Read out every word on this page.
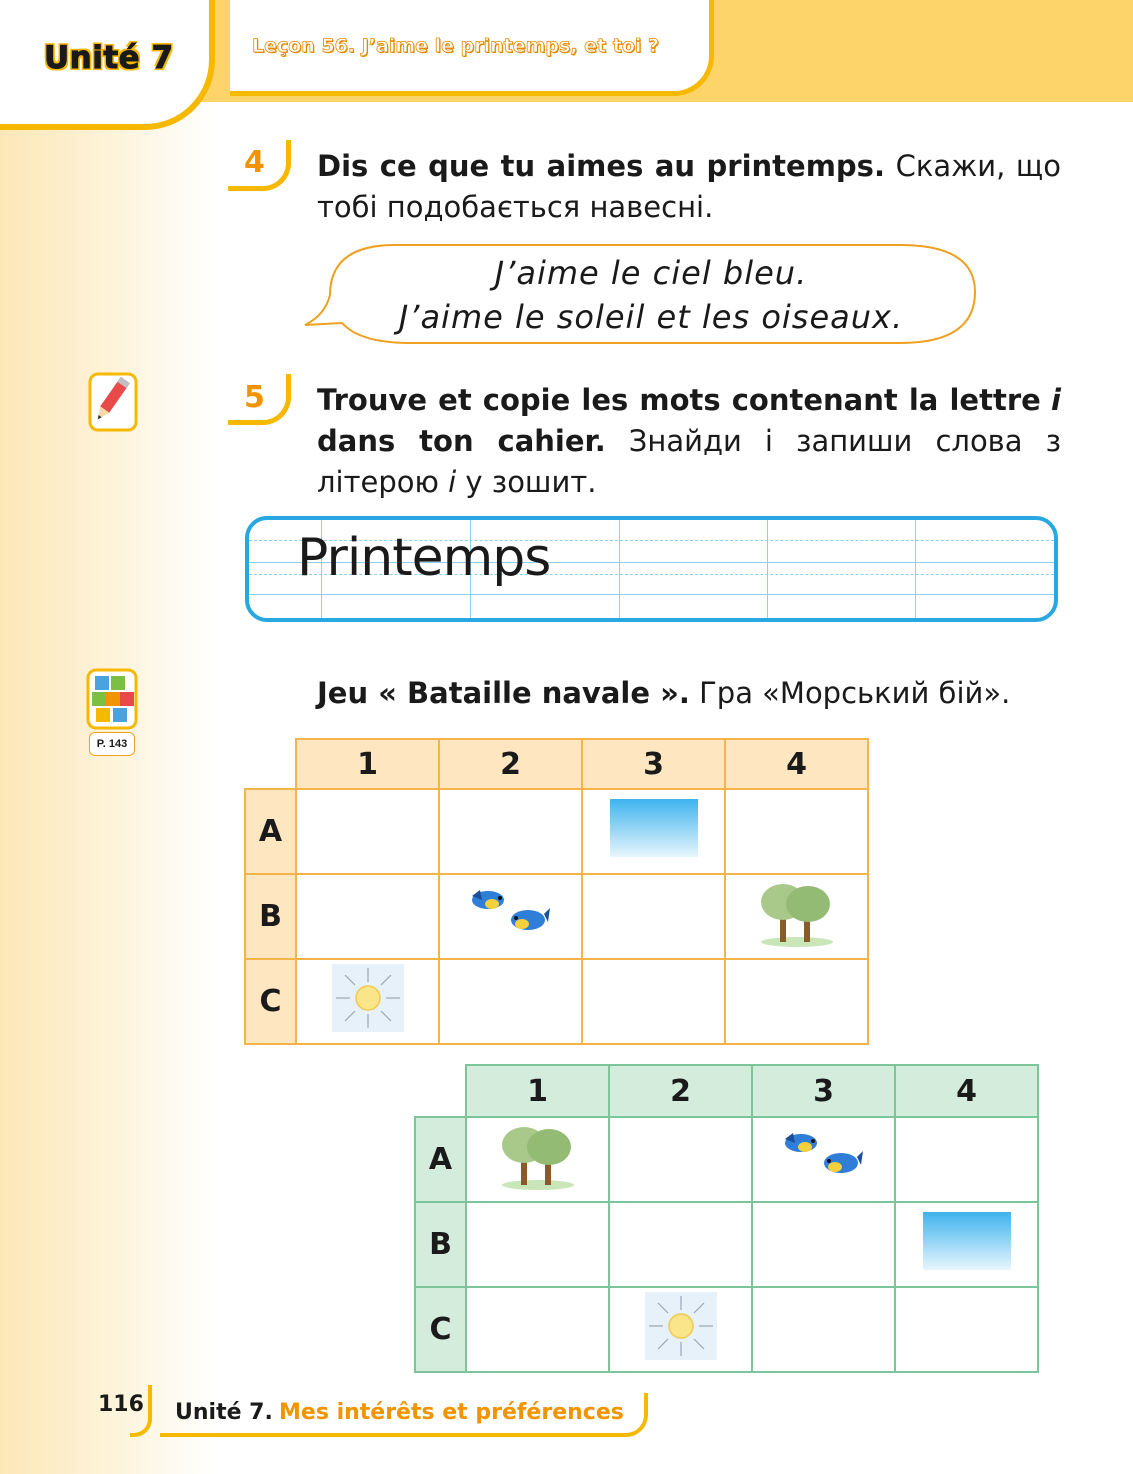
Unité 7	Leçon 56. J’aime le printemps, et toi ?
4 Dis ce que tu aimes au printemps. Скажи, що тобі подобається навесні.
J’aime le ciel bleu.
J’aime le soleil et les oiseaux.
5 Trouve et copie les mots contenant la lettre i dans ton cahier. Знайди і запиши слова з літерою i у зошит.
Printemps
P. 143
Jeu « Bataille navale ». Гра «Морський бій».
	1	2	3	4
A				
B				
C				
	1	2	3	4
A				
B				
C				
116 Unité 7. Mes intérêts et préférences
